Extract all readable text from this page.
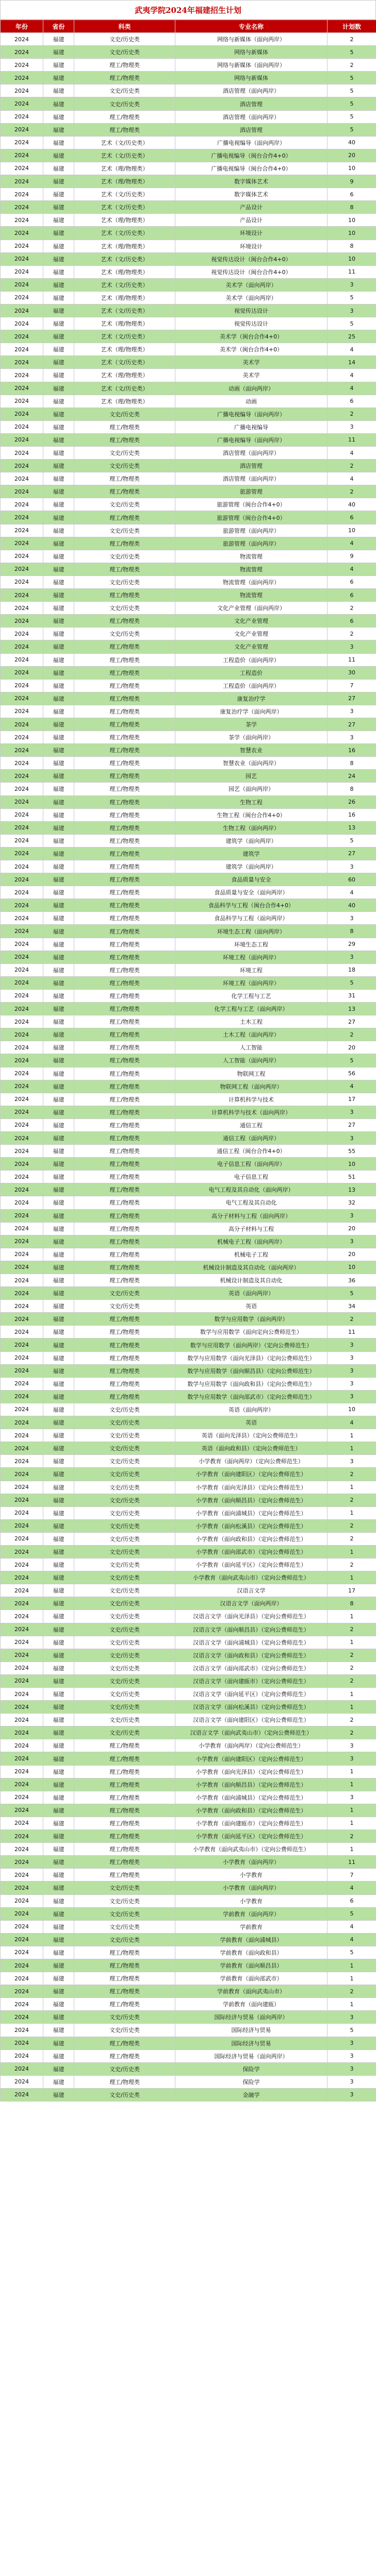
武夷学院2024年福建招生计划
年份	省份	科类	专业名称	计划数
2024	福建	文史/历史类	网络与新媒体（面向两岸）	2
2024	福建	文史/历史类	网络与新媒体	5
2024	福建	理工/物理类	网络与新媒体（面向两岸）	2
2024	福建	理工/物理类	网络与新媒体	5
2024	福建	文史/历史类	酒店管理（面向两岸）	5
2024	福建	文史/历史类	酒店管理	5
2024	福建	理工/物理类	酒店管理（面向两岸）	5
2024	福建	理工/物理类	酒店管理	5
2024	福建	艺术（文/历史类）	广播电视编导（面向两岸）	40
2024	福建	艺术（文/历史类）	广播电视编导（闽台合作4+0）	20
2024	福建	艺术（理/物理类）	广播电视编导（闽台合作4+0）	10
2024	福建	艺术（理/物理类）	数字媒体艺术	9
2024	福建	艺术（文/历史类）	数字媒体艺术	6
2024	福建	艺术（文/历史类）	产品设计	8
2024	福建	艺术（理/物理类）	产品设计	10
2024	福建	艺术（文/历史类）	环境设计	10
2024	福建	艺术（理/物理类）	环境设计	8
2024	福建	艺术（文/历史类）	视觉传达设计（闽台合作4+0）	10
2024	福建	艺术（理/物理类）	视觉传达设计（闽台合作4+0）	11
2024	福建	艺术（文/历史类）	美术学（面向两岸）	3
2024	福建	艺术（理/物理类）	美术学（面向两岸）	5
2024	福建	艺术（文/历史类）	视觉传达设计	3
2024	福建	艺术（理/物理类）	视觉传达设计	5
2024	福建	艺术（文/历史类）	美术学（闽台合作4+0）	25
2024	福建	艺术（理/物理类）	美术学（闽台合作4+0）	4
2024	福建	艺术（文/历史类）	美术学	14
2024	福建	艺术（理/物理类）	美术学	4
2024	福建	艺术（文/历史类）	动画（面向两岸）	4
2024	福建	艺术（理/物理类）	动画	6
2024	福建	文史/历史类	广播电视编导（面向两岸）	2
2024	福建	理工/物理类	广播电视编导	3
2024	福建	理工/物理类	广播电视编导（面向两岸）	11
2024	福建	文史/历史类	酒店管理（面向两岸）	4
2024	福建	文史/历史类	酒店管理	2
2024	福建	理工/物理类	酒店管理（面向两岸）	4
2024	福建	理工/物理类	旅游管理	2
2024	福建	文史/历史类	旅游管理（闽台合作4+0）	40
2024	福建	理工/物理类	旅游管理（闽台合作4+0）	6
2024	福建	文史/历史类	旅游管理（面向两岸）	10
2024	福建	理工/物理类	旅游管理（面向两岸）	4
2024	福建	文史/历史类	物流管理	9
2024	福建	理工/物理类	物流管理	4
2024	福建	文史/历史类	物流管理（面向两岸）	6
2024	福建	理工/物理类	物流管理	6
2024	福建	文史/历史类	文化产业管理（面向两岸）	2
2024	福建	理工/物理类	文化产业管理	6
2024	福建	文史/历史类	文化产业管理	2
2024	福建	理工/物理类	文化产业管理	3
2024	福建	理工/物理类	工程造价（面向两岸）	11
2024	福建	理工/物理类	工程造价	30
2024	福建	理工/物理类	工程造价（面向两岸）	7
2024	福建	理工/物理类	康复治疗学	27
2024	福建	理工/物理类	康复治疗学（面向两岸）	3
2024	福建	理工/物理类	茶学	27
2024	福建	理工/物理类	茶学（面向两岸）	3
2024	福建	理工/物理类	智慧农业	16
2024	福建	理工/物理类	智慧农业（面向两岸）	8
2024	福建	理工/物理类	园艺	24
2024	福建	理工/物理类	园艺（面向两岸）	8
2024	福建	理工/物理类	生物工程	26
2024	福建	理工/物理类	生物工程（闽台合作4+0）	16
2024	福建	理工/物理类	生物工程（面向两岸）	13
2024	福建	理工/物理类	建筑学（面向两岸）	5
2024	福建	理工/物理类	建筑学	27
2024	福建	理工/物理类	建筑学（面向两岸）	3
2024	福建	理工/物理类	食品质量与安全	60
2024	福建	理工/物理类	食品质量与安全（面向两岸）	4
2024	福建	理工/物理类	食品科学与工程（闽台合作4+0）	40
2024	福建	理工/物理类	食品科学与工程（面向两岸）	3
2024	福建	理工/物理类	环境生态工程（面向两岸）	8
2024	福建	理工/物理类	环境生态工程	29
2024	福建	理工/物理类	环境工程（面向两岸）	3
2024	福建	理工/物理类	环境工程	18
2024	福建	理工/物理类	环境工程（面向两岸）	5
2024	福建	理工/物理类	化学工程与工艺	31
2024	福建	理工/物理类	化学工程与工艺（面向两岸）	13
2024	福建	理工/物理类	土木工程	27
2024	福建	理工/物理类	土木工程（面向两岸）	2
2024	福建	理工/物理类	人工智能	20
2024	福建	理工/物理类	人工智能（面向两岸）	5
2024	福建	理工/物理类	物联网工程	56
2024	福建	理工/物理类	物联网工程（面向两岸）	4
2024	福建	理工/物理类	计算机科学与技术	17
2024	福建	理工/物理类	计算机科学与技术（面向两岸）	3
2024	福建	理工/物理类	通信工程	27
2024	福建	理工/物理类	通信工程（面向两岸）	3
2024	福建	理工/物理类	通信工程（闽台合作4+0）	55
2024	福建	理工/物理类	电子信息工程（面向两岸）	10
2024	福建	理工/物理类	电子信息工程	51
2024	福建	理工/物理类	电气工程及其自动化（面向两岸）	13
2024	福建	理工/物理类	电气工程及其自动化	32
2024	福建	理工/物理类	高分子材料与工程（面向两岸）	3
2024	福建	理工/物理类	高分子材料与工程	20
2024	福建	理工/物理类	机械电子工程（面向两岸）	3
2024	福建	理工/物理类	机械电子工程	20
2024	福建	理工/物理类	机械设计制造及其自动化（面向两岸）	10
2024	福建	理工/物理类	机械设计制造及其自动化	36
2024	福建	文史/历史类	英语（面向两岸）	5
2024	福建	文史/历史类	英语	34
2024	福建	理工/物理类	数学与应用数学（面向两岸）	2
2024	福建	理工/物理类	数学与应用数学（面向定向公费师范生）	11
2024	福建	理工/物理类	数学与应用数学（面向两岸）（定向公费师范生）	3
2024	福建	理工/物理类	数学与应用数学（面向光泽县）（定向公费师范生）	3
2024	福建	理工/物理类	数学与应用数学（面向顺昌县）（定向公费师范生）	3
2024	福建	理工/物理类	数学与应用数学（面向政和县）（定向公费师范生）	3
2024	福建	理工/物理类	数学与应用数学（面向邵武市）（定向公费师范生）	3
2024	福建	文史/历史类	英语（面向两岸）	10
2024	福建	文史/历史类	英语	4
2024	福建	文史/历史类	英语（面向光泽县）（定向公费师范生）	1
2024	福建	文史/历史类	英语（面向政和县）（定向公费师范生）	1
2024	福建	文史/历史类	小学教育（面向两岸）（定向公费师范生）	3
2024	福建	文史/历史类	小学教育（面向建阳区）（定向公费师范生）	2
2024	福建	文史/历史类	小学教育（面向光泽县）（定向公费师范生）	1
2024	福建	文史/历史类	小学教育（面向顺昌县）（定向公费师范生）	2
2024	福建	文史/历史类	小学教育（面向浦城县）（定向公费师范生）	1
2024	福建	文史/历史类	小学教育（面向松溪县）（定向公费师范生）	2
2024	福建	文史/历史类	小学教育（面向政和县）（定向公费师范生）	2
2024	福建	文史/历史类	小学教育（面向邵武市）（定向公费师范生）	1
2024	福建	文史/历史类	小学教育（面向延平区）（定向公费师范生）	2
2024	福建	文史/历史类	小学教育（面向武夷山市）（定向公费师范生）	1
2024	福建	文史/历史类	汉语言文学	17
2024	福建	文史/历史类	汉语言文学（面向两岸）	8
2024	福建	文史/历史类	汉语言文学（面向光泽县）（定向公费师范生）	1
2024	福建	文史/历史类	汉语言文学（面向顺昌县）（定向公费师范生）	2
2024	福建	文史/历史类	汉语言文学（面向浦城县）（定向公费师范生）	1
2024	福建	文史/历史类	汉语言文学（面向政和县）（定向公费师范生）	2
2024	福建	文史/历史类	汉语言文学（面向邵武市）（定向公费师范生）	2
2024	福建	文史/历史类	汉语言文学（面向建瓯市）（定向公费师范生）	2
2024	福建	文史/历史类	汉语言文学（面向延平区）（定向公费师范生）	1
2024	福建	文史/历史类	汉语言文学（面向松溪县）（定向公费师范生）	1
2024	福建	文史/历史类	汉语言文学（面向建阳区）（定向公费师范生）	2
2024	福建	文史/历史类	汉语言文学（面向武夷山市）（定向公费师范生）	2
2024	福建	理工/物理类	小学教育（面向两岸）（定向公费师范生）	3
2024	福建	理工/物理类	小学教育（面向建阳区）（定向公费师范生）	3
2024	福建	理工/物理类	小学教育（面向光泽县）（定向公费师范生）	1
2024	福建	理工/物理类	小学教育（面向顺昌县）（定向公费师范生）	1
2024	福建	理工/物理类	小学教育（面向浦城县）（定向公费师范生）	3
2024	福建	理工/物理类	小学教育（面向政和县）（定向公费师范生）	1
2024	福建	理工/物理类	小学教育（面向建瓯市）（定向公费师范生）	1
2024	福建	理工/物理类	小学教育（面向延平区）（定向公费师范生）	2
2024	福建	理工/物理类	小学教育（面向武夷山市）（定向公费师范生）	1
2024	福建	理工/物理类	小学教育（面向两岸）	11
2024	福建	理工/物理类	小学教育	7
2024	福建	文史/历史类	小学教育（面向两岸）	4
2024	福建	文史/历史类	小学教育	6
2024	福建	文史/历史类	学前教育（面向两岸）	5
2024	福建	文史/历史类	学前教育	4
2024	福建	文史/历史类	学前教育（面向浦城县）	4
2024	福建	理工/物理类	学前教育（面向政和县）	5
2024	福建	理工/物理类	学前教育（面向顺昌县）	1
2024	福建	理工/物理类	学前教育（面向邵武市）	1
2024	福建	理工/物理类	学前教育（面向武夷山市）	2
2024	福建	理工/物理类	学前教育（面向建瓯）	1
2024	福建	文史/历史类	国际经济与贸易（面向两岸）	3
2024	福建	文史/历史类	国际经济与贸易	5
2024	福建	理工/物理类	国际经济与贸易	3
2024	福建	理工/物理类	国际经济与贸易（面向两岸）	3
2024	福建	文史/历史类	保险学	3
2024	福建	理工/物理类	保险学	3
2024	福建	文史/历史类	金融学	3
